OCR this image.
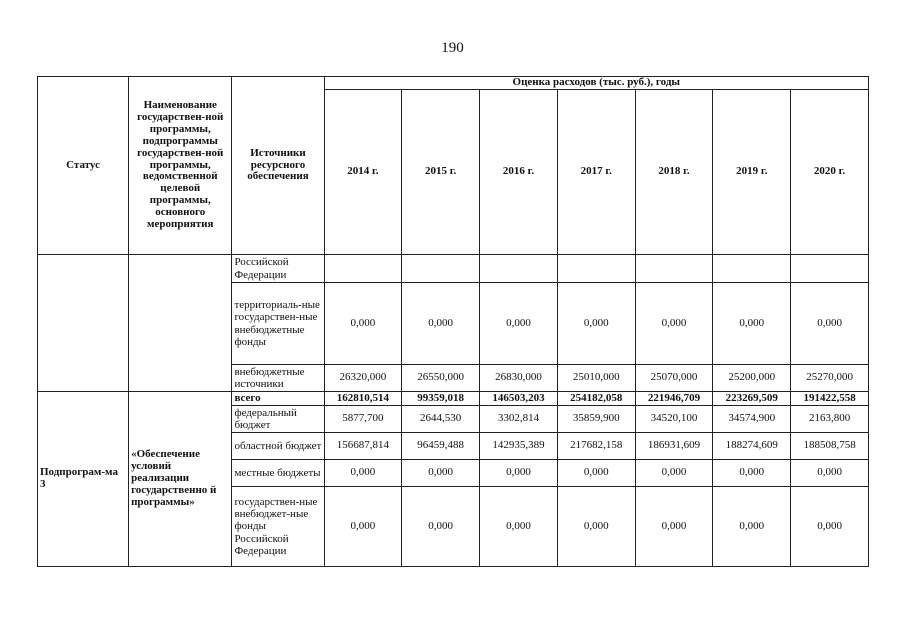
190
Статус	Наименование государствен-ной программы, подпрограммы государствен-ной программы, ведомственной целевой программы, основного мероприятия	Источники ресурсного обеспечения	Оценка расходов (тыс. руб.), годы						
			2014 г.	2015 г.	2016 г.	2017 г.	2018 г.	2019 г.	2020 г.
		Российской Федерации							
		территориаль-ные государствен-ные внебюджетные фонды	0,000	0,000	0,000	0,000	0,000	0,000	0,000
		внебюджетные источники	26320,000	26550,000	26830,000	25010,000	25070,000	25200,000	25270,000
Подпрограм-ма 3	«Обеспечение условий реализации государственно й программы»	всего	162810,514	99359,018	146503,203	254182,058	221946,709	223269,509	191422,558
		федеральный бюджет	5877,700	2644,530	3302,814	35859,900	34520,100	34574,900	2163,800
		областной бюджет	156687,814	96459,488	142935,389	217682,158	186931,609	188274,609	188508,758
		местные бюджеты	0,000	0,000	0,000	0,000	0,000	0,000	0,000
		государствен-ные внебюджет-ные фонды Российской Федерации	0,000	0,000	0,000	0,000	0,000	0,000	0,000
